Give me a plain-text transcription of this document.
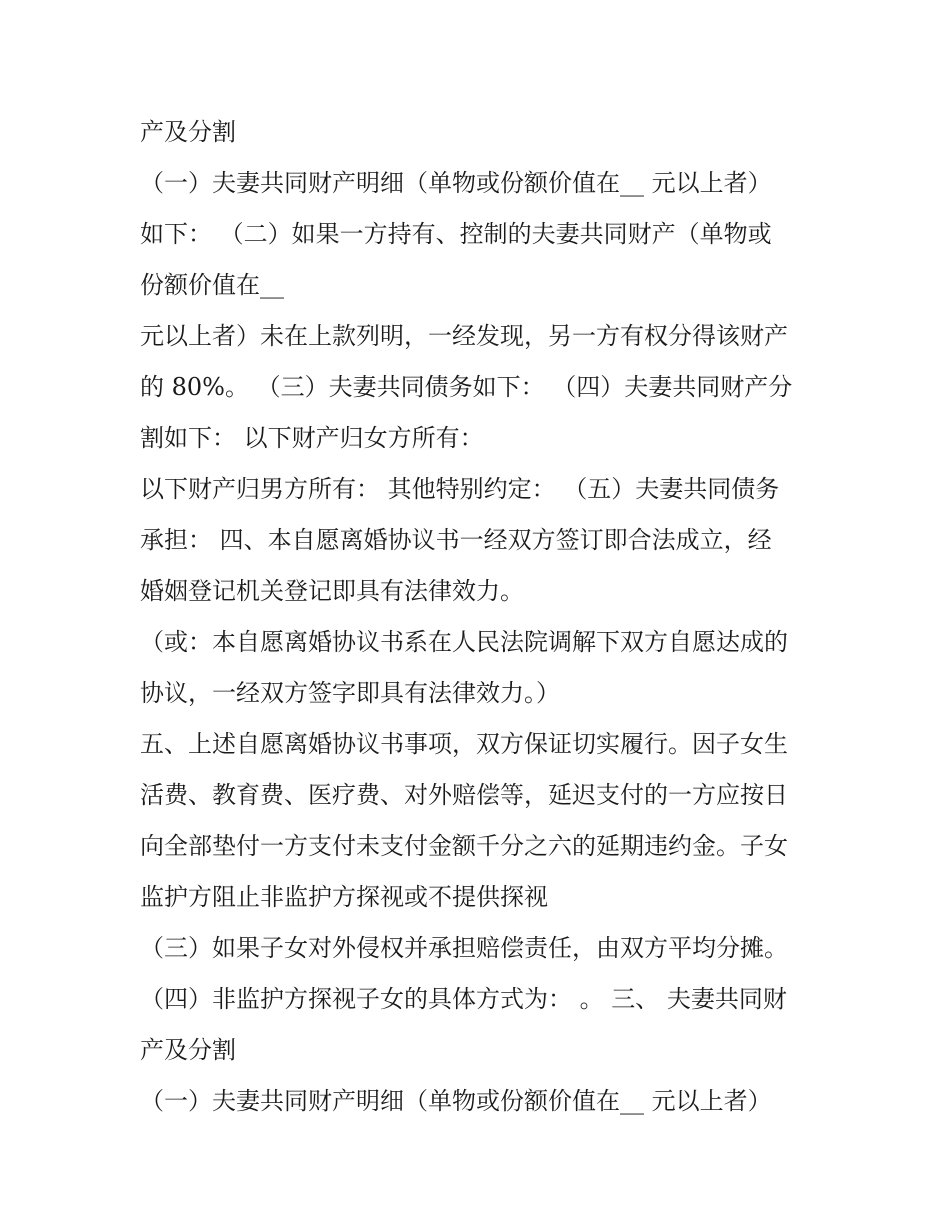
产及分割
（一）夫妻共同财产明细（单物或份额价值在__ 元以上者）
如下： （二）如果一方持有、控制的夫妻共同财产（单物或
份额价值在__
元以上者）未在上款列明，一经发现，另一方有权分得该财产
的 80%。 （三）夫妻共同债务如下： （四）夫妻共同财产分
割如下： 以下财产归女方所有：
以下财产归男方所有： 其他特别约定： （五）夫妻共同债务
承担： 四、本自愿离婚协议书一经双方签订即合法成立，经
婚姻登记机关登记即具有法律效力。
（或：本自愿离婚协议书系在人民法院调解下双方自愿达成的
协议，一经双方签字即具有法律效力。）
五、上述自愿离婚协议书事项，双方保证切实履行。因子女生
活费、教育费、医疗费、对外赔偿等，延迟支付的一方应按日
向全部垫付一方支付未支付金额千分之六的延期违约金。子女
监护方阻止非监护方探视或不提供探视
（三）如果子女对外侵权并承担赔偿责任，由双方平均分摊。
（四）非监护方探视子女的具体方式为： 。 三、 夫妻共同财
产及分割
（一）夫妻共同财产明细（单物或份额价值在__ 元以上者）
